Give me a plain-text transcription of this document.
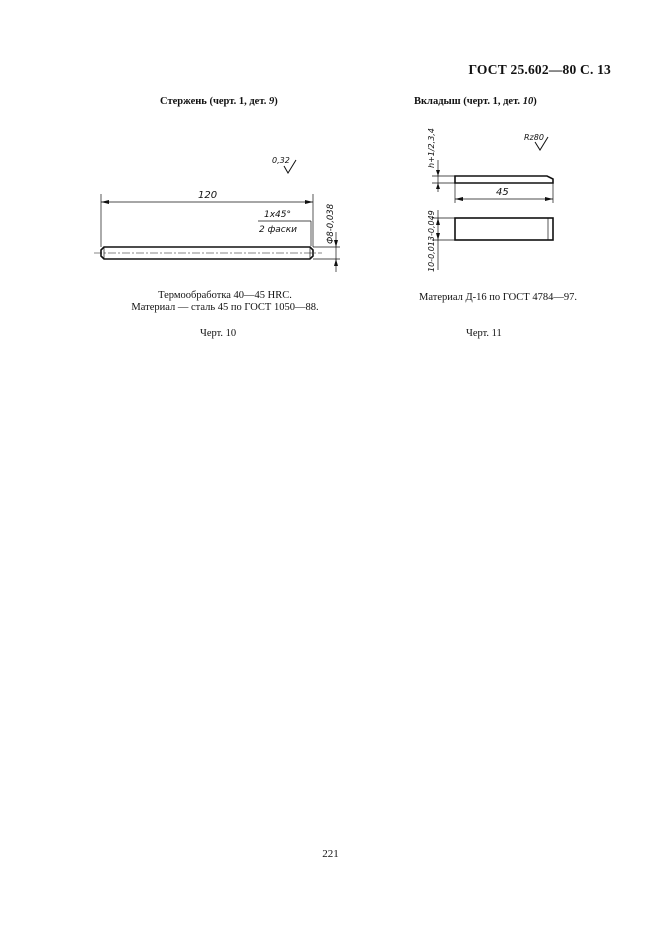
ГОСТ 25.602—80 С. 13
Стержень (черт. 1, дет. 9)	Вкладыш (черт. 1, дет. 10)
0,32
120
1х45°
2 фаски	Ф8-0,038
Rz80
h+1/2,3,4
45
10-0,013-0,049
Термообработка 40—45 HRC.
Материал — сталь 45 по ГОСТ 1050—88.
Черт. 10
Материал Д-16 по ГОСТ 4784—97.
Черт. 11
221
